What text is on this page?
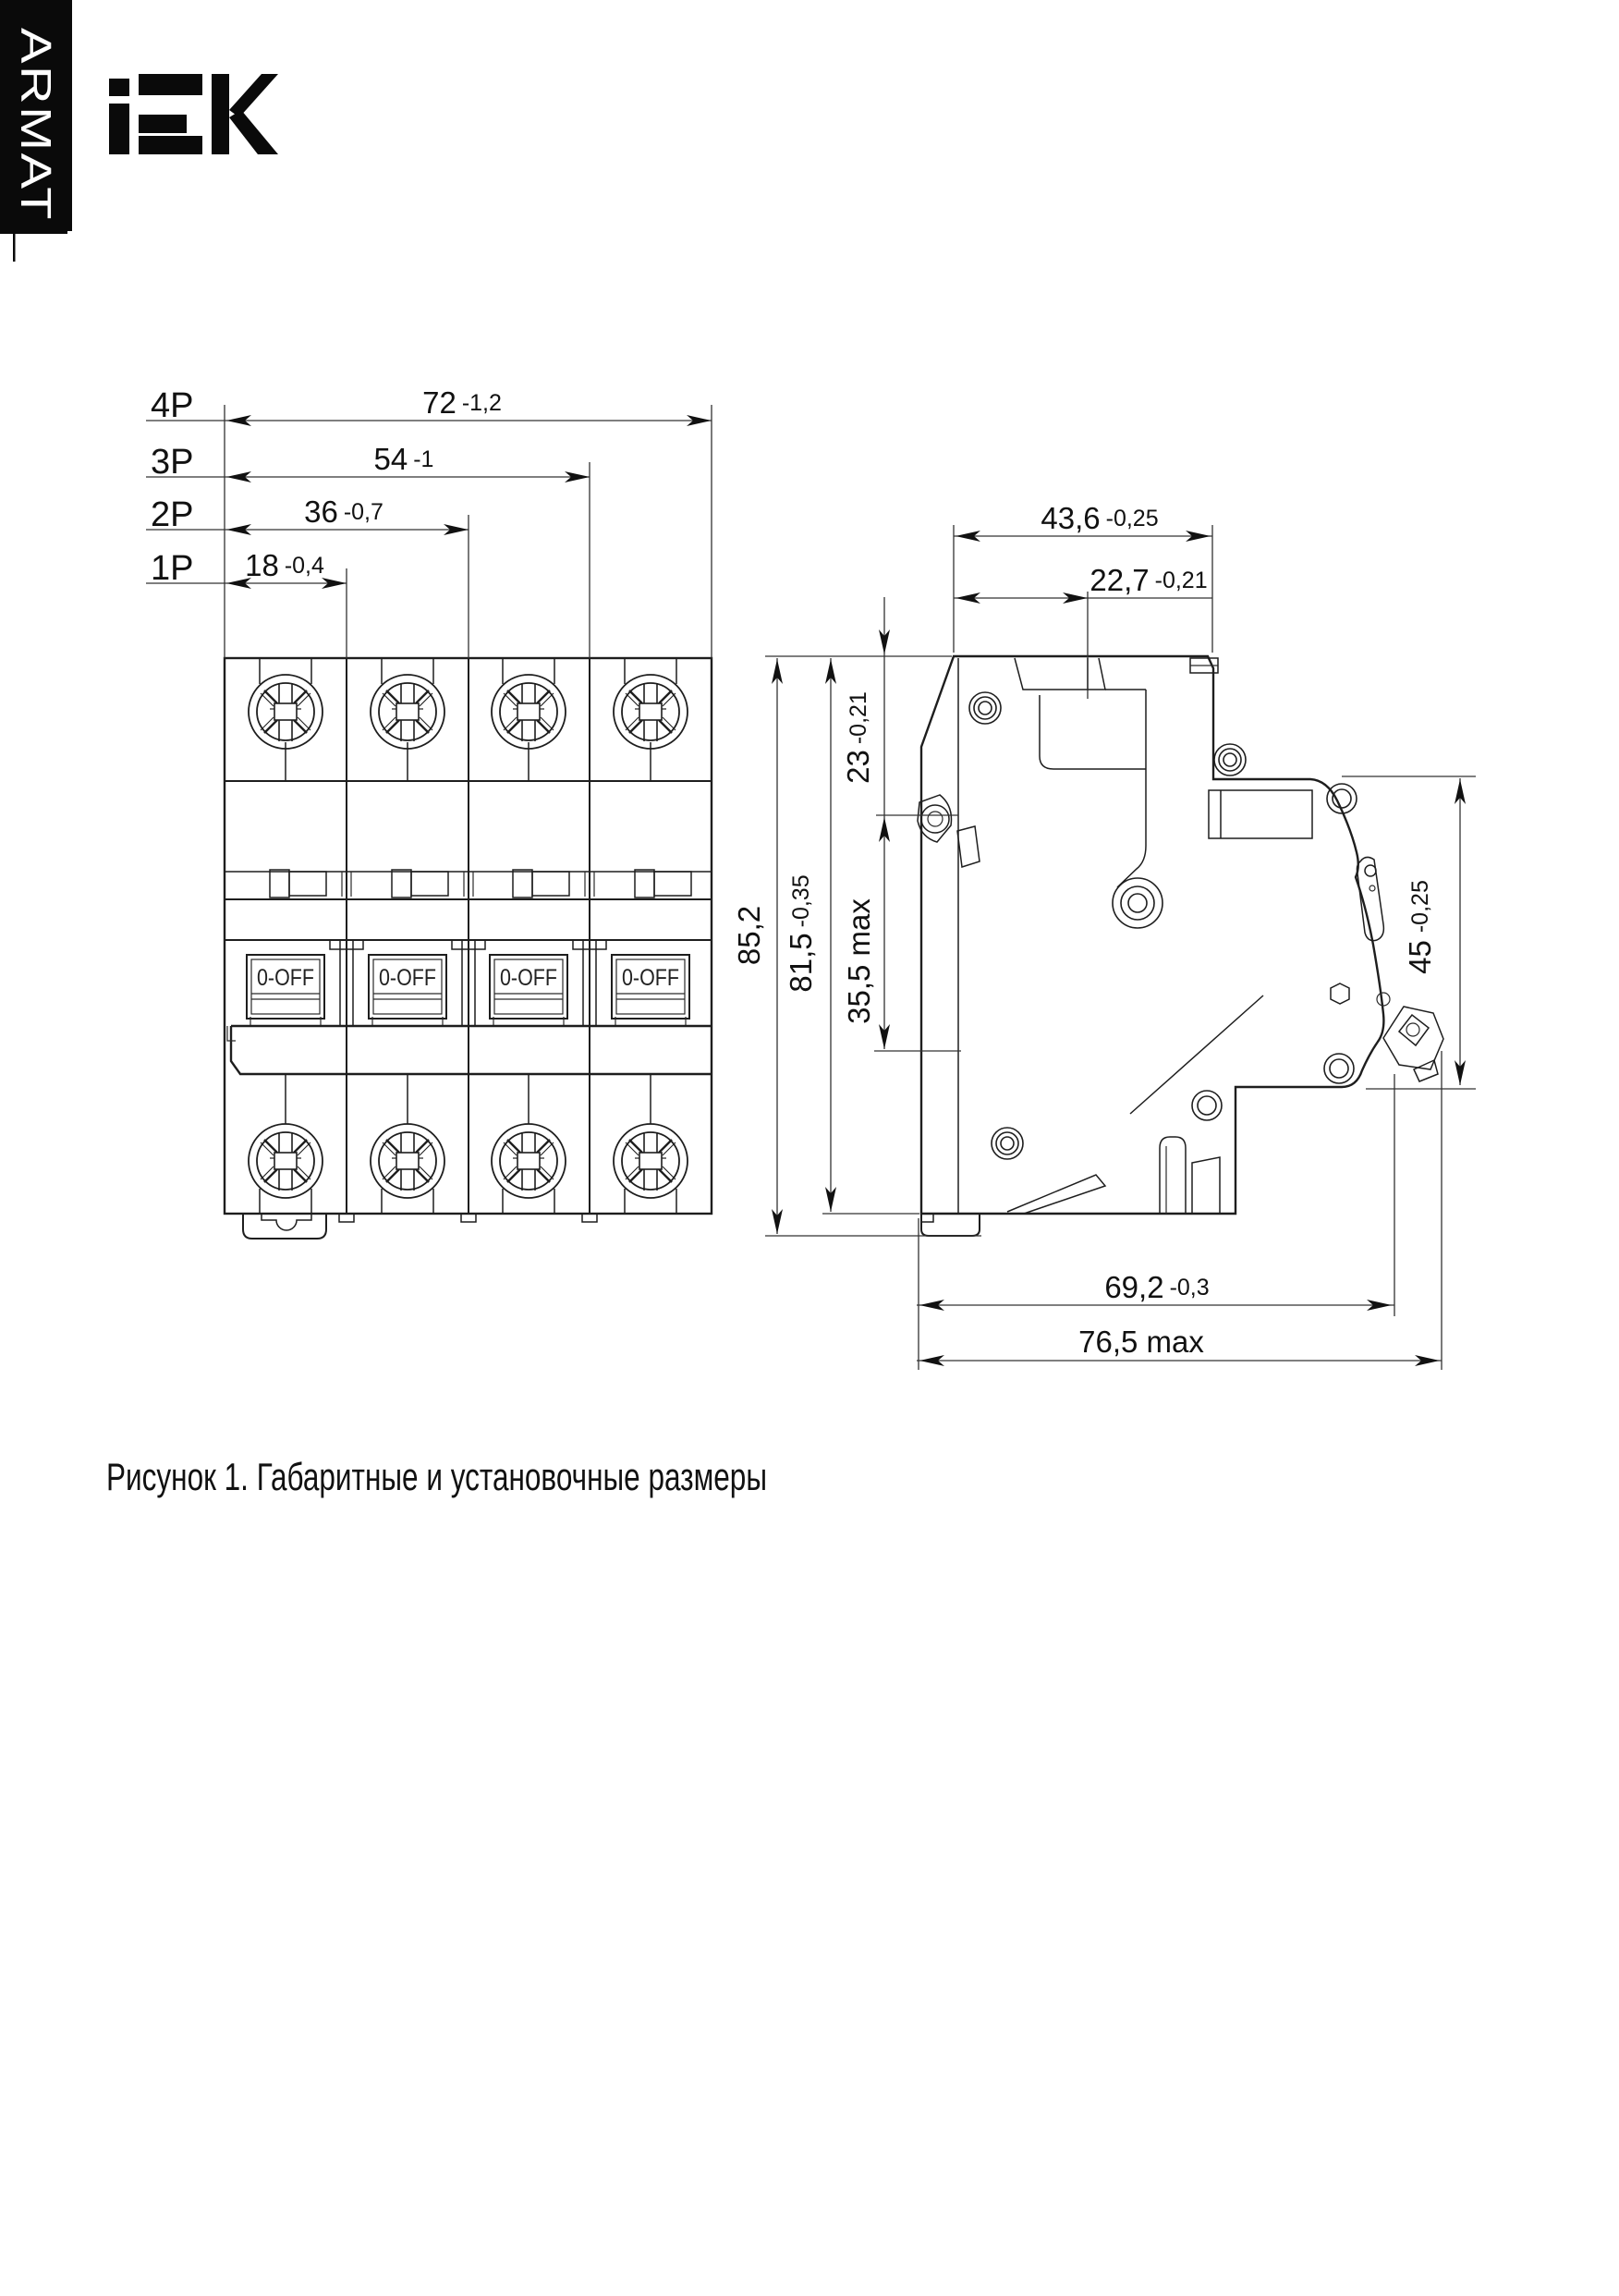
ARMAT
0-OFF	0-OFF	0-OFF	0-OFF
4P
3P
2P
1P
72 -1,2
54 -1
36 -0,7
18 -0,4
43,6 -0,25
22,7 -0,21
85,2 81,5-0,35
23-0,21
35,5 max	45-0,25
69,2 -0,3
76,5 max
Рисунок 1. Габаритные и установочные размеры
